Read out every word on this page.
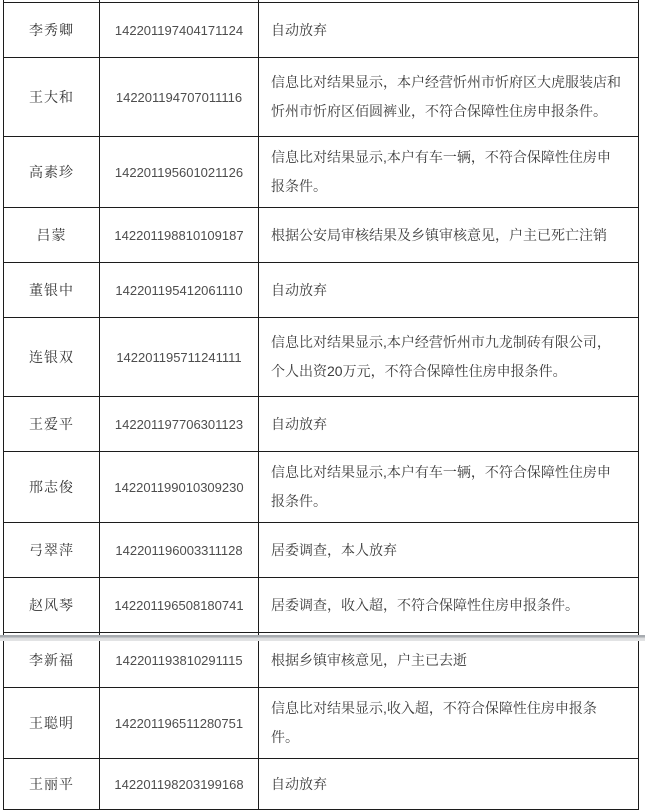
李秀卿	142201197404171124	自动放弃
王大和	142201194707011116	信息比对结果显示，本户经营忻州市忻府区大虎服装店和忻州市忻府区佰圆裤业，不符合保障性住房申报条件。
高素珍	142201195601021126	信息比对结果显示,本户有车一辆，不符合保障性住房申报条件。
吕蒙	142201198810109187	根据公安局审核结果及乡镇审核意见，户主已死亡注销
董银中	142201195412061110	自动放弃
连银双	142201195711241111	信息比对结果显示,本户经营忻州市九龙制砖有限公司，个人出资20万元，不符合保障性住房申报条件。
王爱平	142201197706301123	自动放弃
邢志俊	142201199010309230	信息比对结果显示,本户有车一辆，不符合保障性住房申报条件。
弓翠萍	142201196003311128	居委调查，本人放弃
赵风琴	142201196508180741	居委调查，收入超，不符合保障性住房申报条件。
李新福	142201193810291115	根据乡镇审核意见，户主已去逝
王聪明	142201196511280751	信息比对结果显示,收入超，不符合保障性住房申报条件。
王丽平	142201198203199168	自动放弃
